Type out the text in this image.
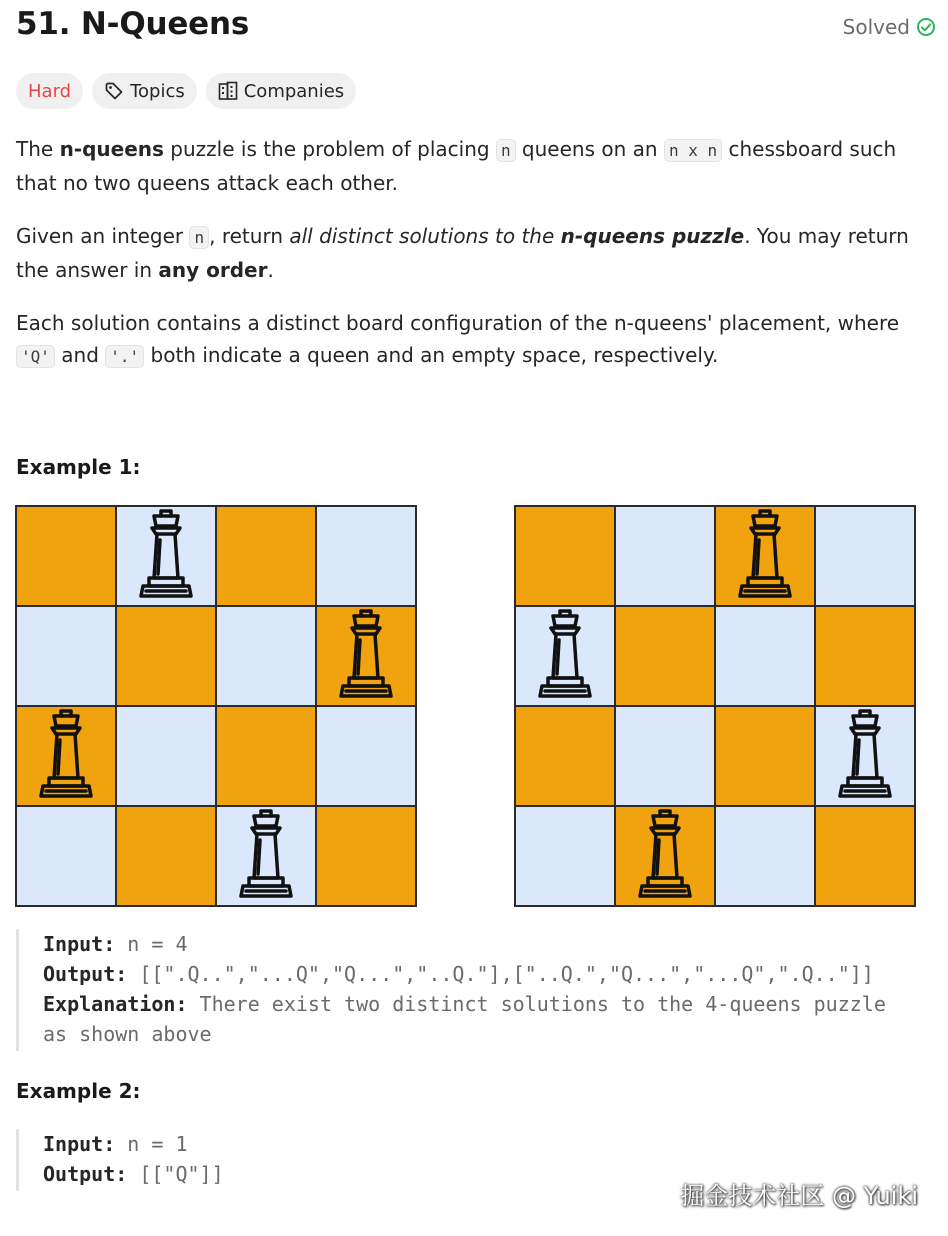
51. N-Queens	Solved
Hard	Topics	Companies
The n-queens puzzle is the problem of placing n queens on an n x n chessboard such that no two queens attack each other.
Given an integer n , return all distinct solutions to the n-queens puzzle. You may return the answer in any order.
Each solution contains a distinct board configuration of the n-queens' placement, where 'Q' and '.' both indicate a queen and an empty space, respectively.
Example 1:
Input: n = 4
Output: [[".Q..","...Q","Q...","..Q."],["..Q.","Q...","...Q",".Q.."]]
Explanation: There exist two distinct solutions to the 4-queens puzzle
as shown above
Example 2:
Input: n = 1
Output: [["Q"]]
掘金技术社区 @ Yuiki
